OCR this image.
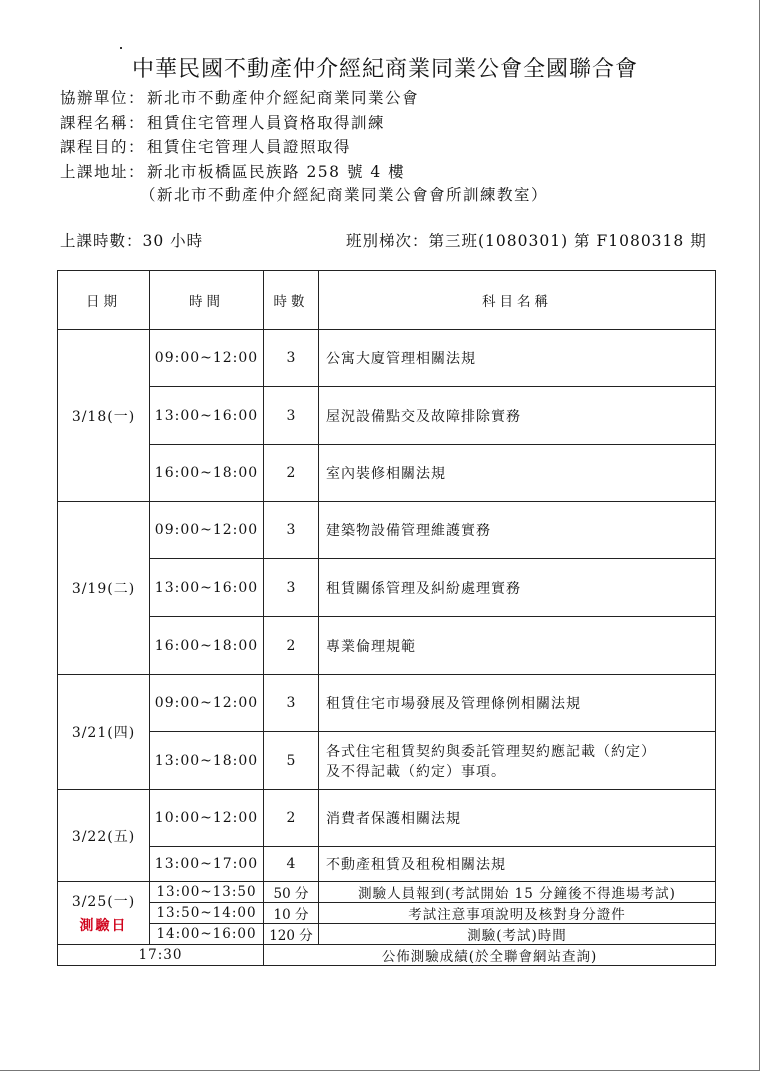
中華民國不動產仲介經紀商業同業公會全國聯合會
協辦單位： 新北市不動產仲介經紀商業同業公會
課程名稱： 租賃住宅管理人員資格取得訓練
課程目的： 租賃住宅管理人員證照取得
上課地址： 新北市板橋區民族路 258 號 4 樓
（新北市不動產仲介經紀商業同業公會會所訓練教室）
上課時數：30 小時	班別梯次：第三班(1080301) 第 F1080318 期
日期	時間	時數	科目名稱
3/18(一)	09:00~12:00	3	公寓大廈管理相關法規
	13:00~16:00	3	屋況設備點交及故障排除實務
	16:00~18:00	2	室內裝修相關法規
3/19(二)	09:00~12:00	3	建築物設備管理維護實務
	13:00~16:00	3	租賃關係管理及糾紛處理實務
	16:00~18:00	2	專業倫理規範
3/21(四)	09:00~12:00	3	租賃住宅市場發展及管理條例相關法規
	13:00~18:00	5	各式住宅租賃契約與委託管理契約應記載（約定）
及不得記載（約定）事項。

3/22(五)	10:00~12:00	2	消費者保護相關法規
	13:00~17:00	4	不動產租賃及租稅相關法規
3/25(一)
測驗日	13:00~13:50	50 分	測驗人員報到(考試開始 15 分鐘後不得進場考試)
	13:50~14:00	10 分	考試注意事項說明及核對身分證件
	14:00~16:00	120 分	測驗(考試)時間
17:30		公佈測驗成績(於全聯會網站查詢)	
